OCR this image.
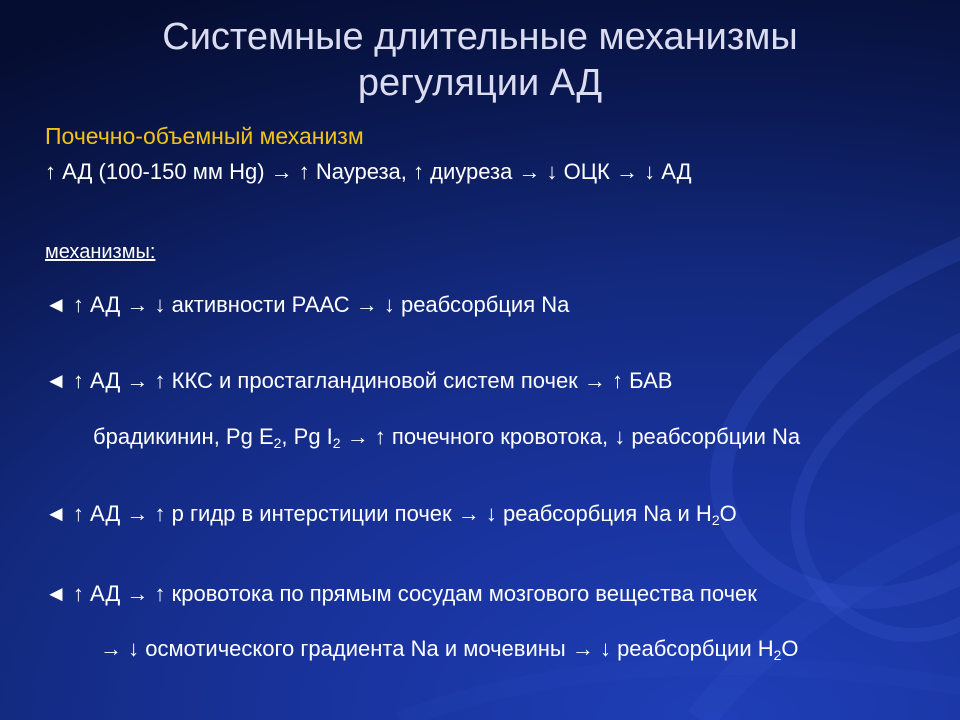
Системные длительные механизмы
регуляции АД

Почечно-объемный механизм

↑ АД (100-150 мм Hg) → ↑ Nауреза, ↑ диуреза → ↓ ОЦК → ↓ АД

механизмы:

◄ ↑ АД → ↓ активности РААС → ↓ реабсорбция Na

◄ ↑ АД → ↑ ККС и простагландиновой систем почек → ↑ БАВ

брадикинин, Pg $E_2$, Pg $I_2$ → ↑ почечного кровотока, ↓ реабсорбции Na

◄ ↑ АД → ↑ р гидр в интерстиции почек → ↓ реабсорбция Na и $H_2O$

◄ ↑ АД → ↑ кровотока по прямым сосудам мозгового вещества почек

→ ↓ осмотического градиента Na и мочевины → ↓ реабсорбции $H_2O$
